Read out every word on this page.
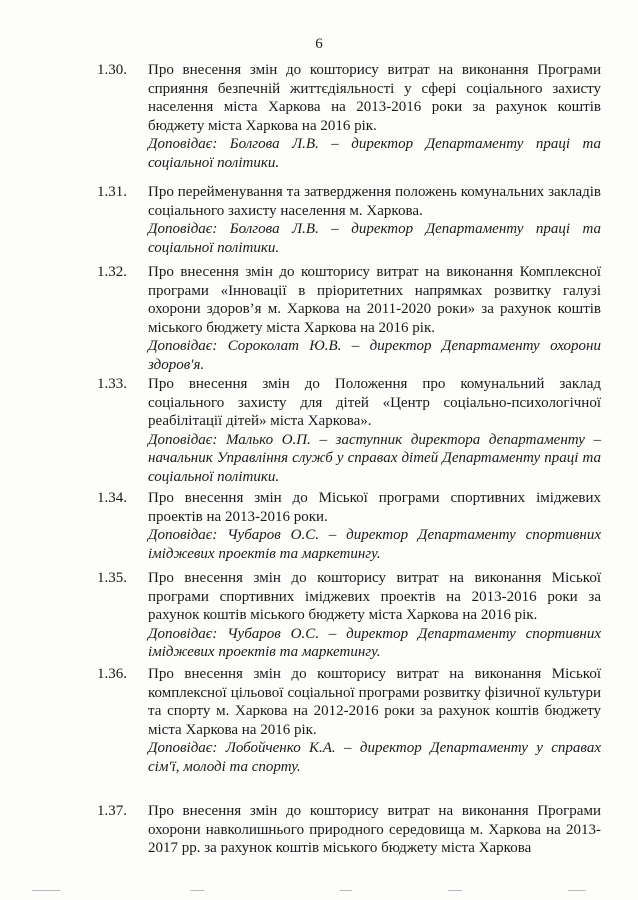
6
1.30. Про внесення змін до кошторису витрат на виконання Програми сприяння безпечній життєдіяльності у сфері соціального захисту населення міста Харкова на 2013-2016 роки за рахунок коштів бюджету міста Харкова на 2016 рік.
Доповідає: Болгова Л.В. – директор Департаменту праці та соціальної політики.
1.31. Про перейменування та затвердження положень комунальних закладів соціального захисту населення м. Харкова.
Доповідає: Болгова Л.В. – директор Департаменту праці та соціальної політики.
1.32. Про внесення змін до кошторису витрат на виконання Комплексної програми «Інновації в пріоритетних напрямках розвитку галузі охорони здоров’я м. Харкова на 2011-2020 роки» за рахунок коштів міського бюджету міста Харкова на 2016 рік.
Доповідає: Сороколат Ю.В. – директор Департаменту охорони здоров'я.
1.33. Про внесення змін до Положення про комунальний заклад соціального захисту для дітей «Центр соціально-психологічної реабілітації дітей» міста Харкова».
Доповідає: Малько О.П. – заступник директора департаменту – начальник Управління служб у справах дітей Департаменту праці та соціальної політики.
1.34. Про внесення змін до Міської програми спортивних іміджевих проектів на 2013-2016 роки.
Доповідає: Чубаров О.С. – директор Департаменту спортивних іміджевих проектів та маркетингу.
1.35. Про внесення змін до кошторису витрат на виконання Міської програми спортивних іміджевих проектів на 2013-2016 роки за рахунок коштів міського бюджету міста Харкова на 2016 рік.
Доповідає: Чубаров О.С. – директор Департаменту спортивних іміджевих проектів та маркетингу.
1.36. Про внесення змін до кошторису витрат на виконання Міської комплексної цільової соціальної програми розвитку фізичної культури та спорту м. Харкова на 2012-2016 роки за рахунок коштів бюджету міста Харкова на 2016 рік.
Доповідає: Лобойченко К.А. – директор Департаменту у справах сім'ї, молоді та спорту.
1.37. Про внесення змін до кошторису витрат на виконання Програми охорони навколишнього природного середовища м. Харкова на 2013-2017 рр. за рахунок коштів міського бюджету міста Харкова
